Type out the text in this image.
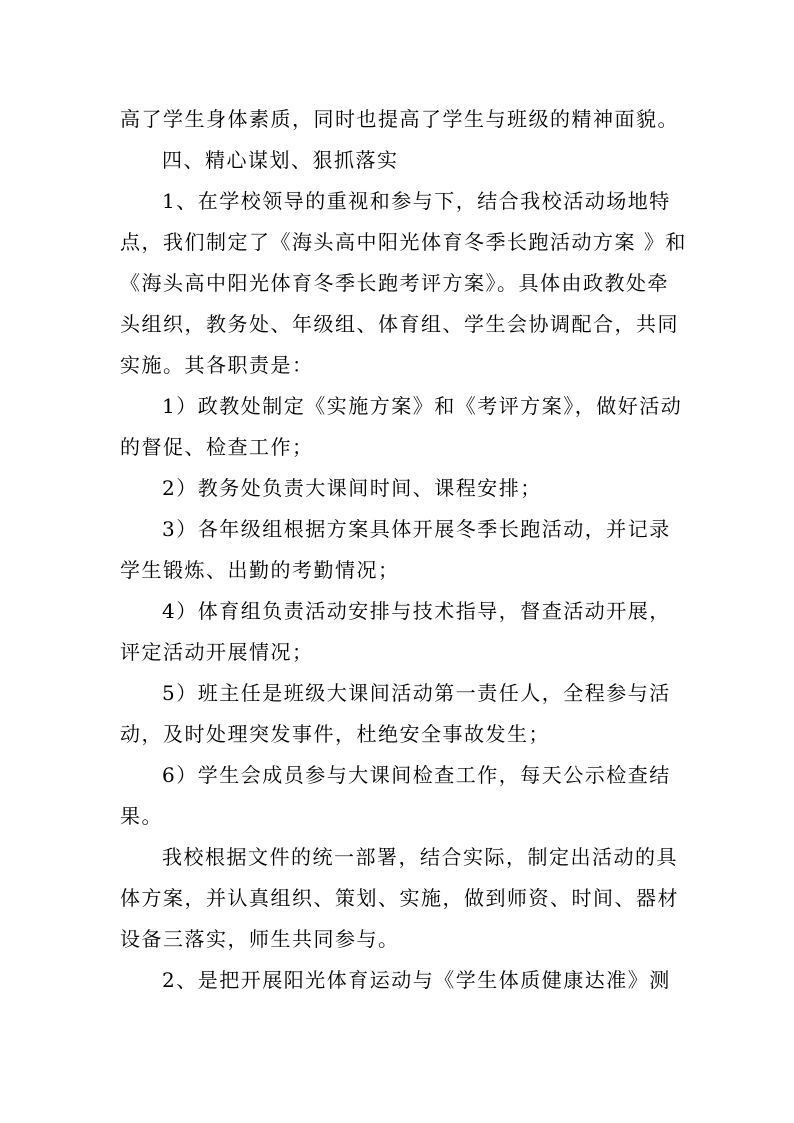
高了学生身体素质，同时也提高了学生与班级的精神面貌。

四、精心谋划、狠抓落实

1、在学校领导的重视和参与下，结合我校活动场地特
点，我们制定了《海头高中阳光体育冬季长跑活动方案 》和
《海头高中阳光体育冬季长跑考评方案》。具体由政教处牵
头组织，教务处、年级组、体育组、学生会协调配合，共同
实施。其各职责是：

1）政教处制定《实施方案》和《考评方案》，做好活动
的督促、检查工作；

2）教务处负责大课间时间、课程安排；

3）各年级组根据方案具体开展冬季长跑活动，并记录
学生锻炼、出勤的考勤情况；

4）体育组负责活动安排与技术指导，督查活动开展，
评定活动开展情况；

5）班主任是班级大课间活动第一责任人，全程参与活
动，及时处理突发事件，杜绝安全事故发生；

6）学生会成员参与大课间检查工作，每天公示检查结
果。

我校根据文件的统一部署，结合实际，制定出活动的具
体方案，并认真组织、策划、实施，做到师资、时间、器材
设备三落实，师生共同参与。

2、是把开展阳光体育运动与《学生体质健康达准》测
